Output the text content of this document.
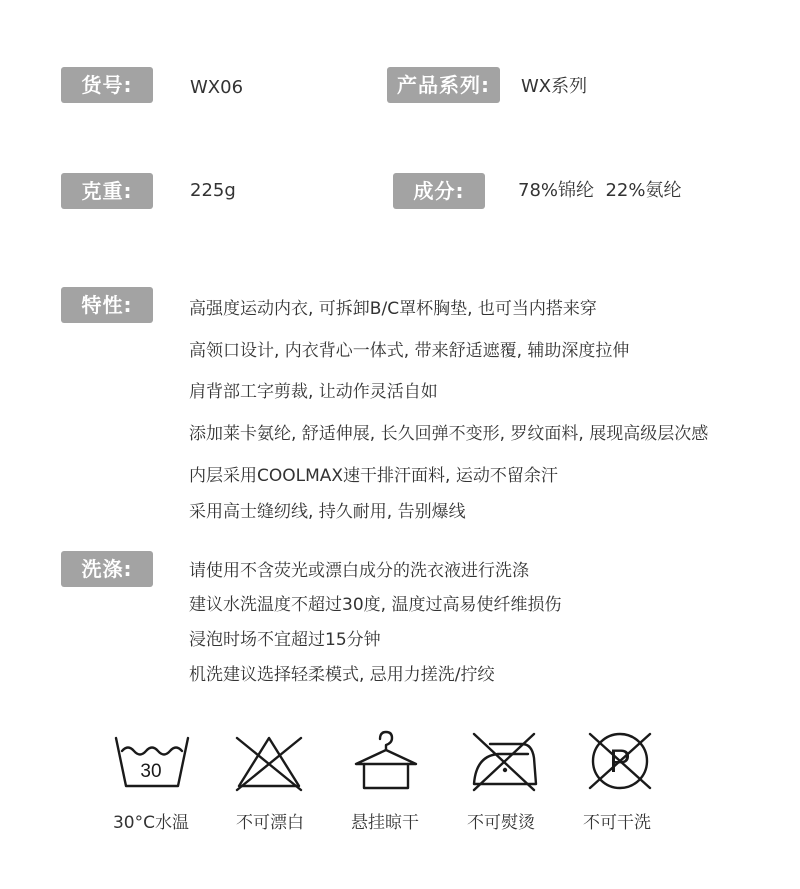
货号:	WX06	产品系列:	WX系列
克重:	225g	成分:	78%锦纶  22%氨纶
特性:	高强度运动内衣, 可拆卸B/C罩杯胸垫, 也可当内搭来穿
高领口设计, 内衣背心一体式, 带来舒适遮覆, 辅助深度拉伸
肩背部工字剪裁, 让动作灵活自如
添加莱卡氨纶, 舒适伸展, 长久回弹不变形, 罗纹面料, 展现高级层次感
内层采用COOLMAX速干排汗面料, 运动不留余汗
采用高士缝纫线, 持久耐用, 告别爆线
洗涤:	请使用不含荧光或漂白成分的洗衣液进行洗涤
建议水洗温度不超过30度, 温度过高易使纤维损伤
浸泡时场不宜超过15分钟
机洗建议选择轻柔模式, 忌用力搓洗/拧绞
30	P
30°C水温	不可漂白	悬挂晾干	不可熨烫	不可干洗
